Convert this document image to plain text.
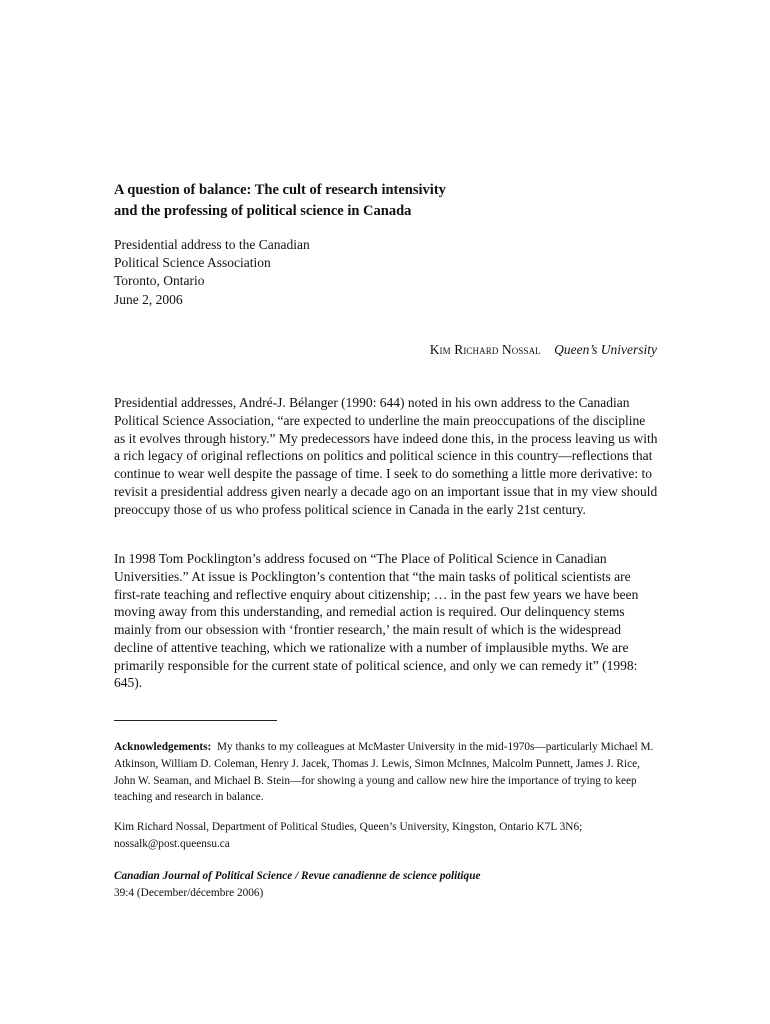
A question of balance: The cult of research intensivity
and the professing of political science in Canada
Presidential address to the Canadian
Political Science Association
Toronto, Ontario
June 2, 2006
Kim Richard Nossal Queen’s University

Presidential addresses, André-J. Bélanger (1990: 644) noted in his own address to the Canadian Political Science Association, “are expected to underline the main preoccupations of the discipline as it evolves through history.” My predecessors have indeed done this, in the process leaving us with a rich legacy of original reflections on politics and political science in this country—reflections that continue to wear well despite the passage of time. I seek to do something a little more derivative: to revisit a presidential address given nearly a decade ago on an important issue that in my view should preoccupy those of us who profess political science in Canada in the early 21st century.

In 1998 Tom Pocklington’s address focused on “The Place of Political Science in Canadian Universities.” At issue is Pocklington’s contention that “the main tasks of political scientists are first-rate teaching and reflective enquiry about citizenship; … in the past few years we have been moving away from this understanding, and remedial action is required. Our delinquency stems mainly from our obsession with ‘frontier research,’ the main result of which is the widespread decline of attentive teaching, which we rationalize with a number of implausible myths. We are primarily responsible for the current state of political science, and only we can remedy it” (1998: 645).

Acknowledgements: My thanks to my colleagues at McMaster University in the mid-1970s—particularly Michael M. Atkinson, William D. Coleman, Henry J. Jacek, Thomas J. Lewis, Simon McInnes, Malcolm Punnett, James J. Rice, John W. Seaman, and Michael B. Stein—for showing a young and callow new hire the importance of trying to keep teaching and research in balance.

Kim Richard Nossal, Department of Political Studies, Queen’s University, Kingston, Ontario K7L 3N6; nossalk@post.queensu.ca

Canadian Journal of Political Science / Revue canadienne de science politique
39:4 (December/décembre 2006)
